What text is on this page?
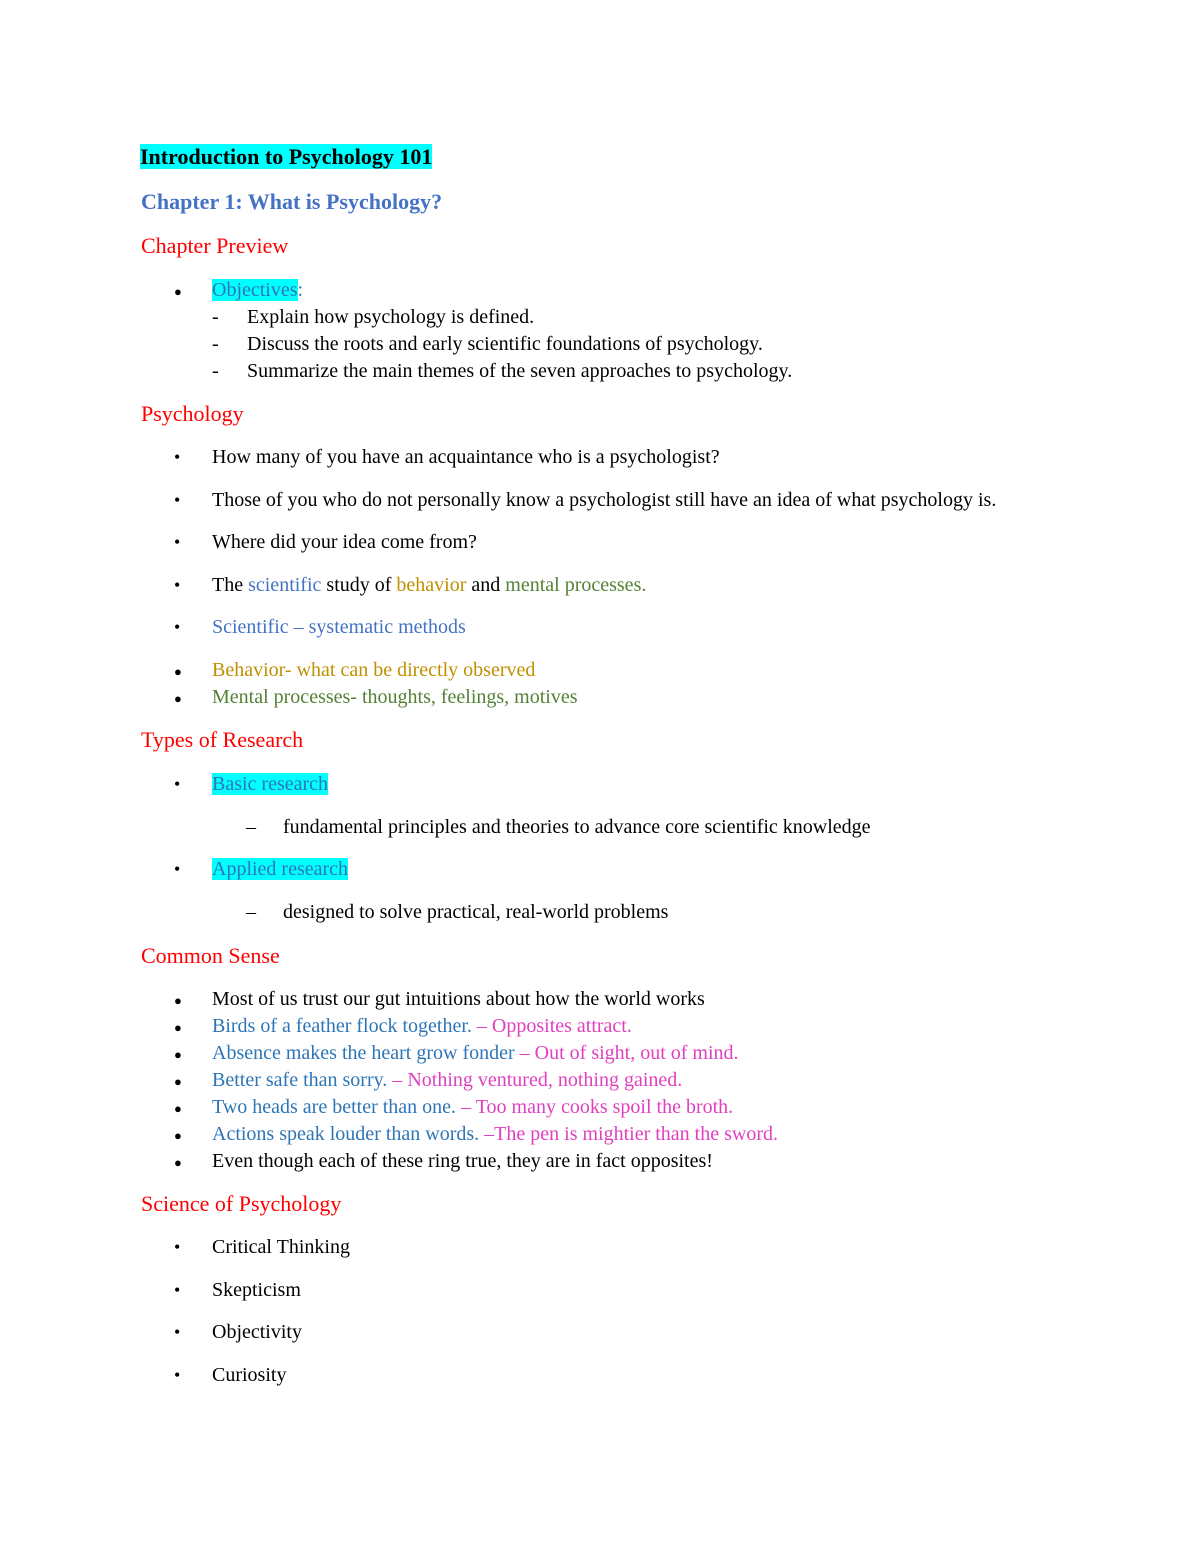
Introduction to Psychology 101
Chapter 1: What is Psychology?
Chapter Preview
●
Objectives:
- Explain how psychology is defined.
- Discuss the roots and early scientific foundations of psychology.
- Summarize the main themes of the seven approaches to psychology.
Psychology
•
How many of you have an acquaintance who is a psychologist?
•
Those of you who do not personally know a psychologist still have an idea of what psychology is.
•
Where did your idea come from?
•
The scientific study of behavior and mental processes.
•
Scientific – systematic methods
●
Behavior- what can be directly observed
●
Mental processes- thoughts, feelings, motives
Types of Research
•
Basic research
– fundamental principles and theories to advance core scientific knowledge
•
Applied research
– designed to solve practical, real-world problems
Common Sense
●
Most of us trust our gut intuitions about how the world works
●
Birds of a feather flock together. – Opposites attract.
●
Absence makes the heart grow fonder – Out of sight, out of mind.
●
Better safe than sorry. – Nothing ventured, nothing gained.
●
Two heads are better than one. – Too many cooks spoil the broth.
●
Actions speak louder than words. –The pen is mightier than the sword.
●
Even though each of these ring true, they are in fact opposites!
Science of Psychology
•
Critical Thinking
•
Skepticism
•
Objectivity
•
Curiosity
